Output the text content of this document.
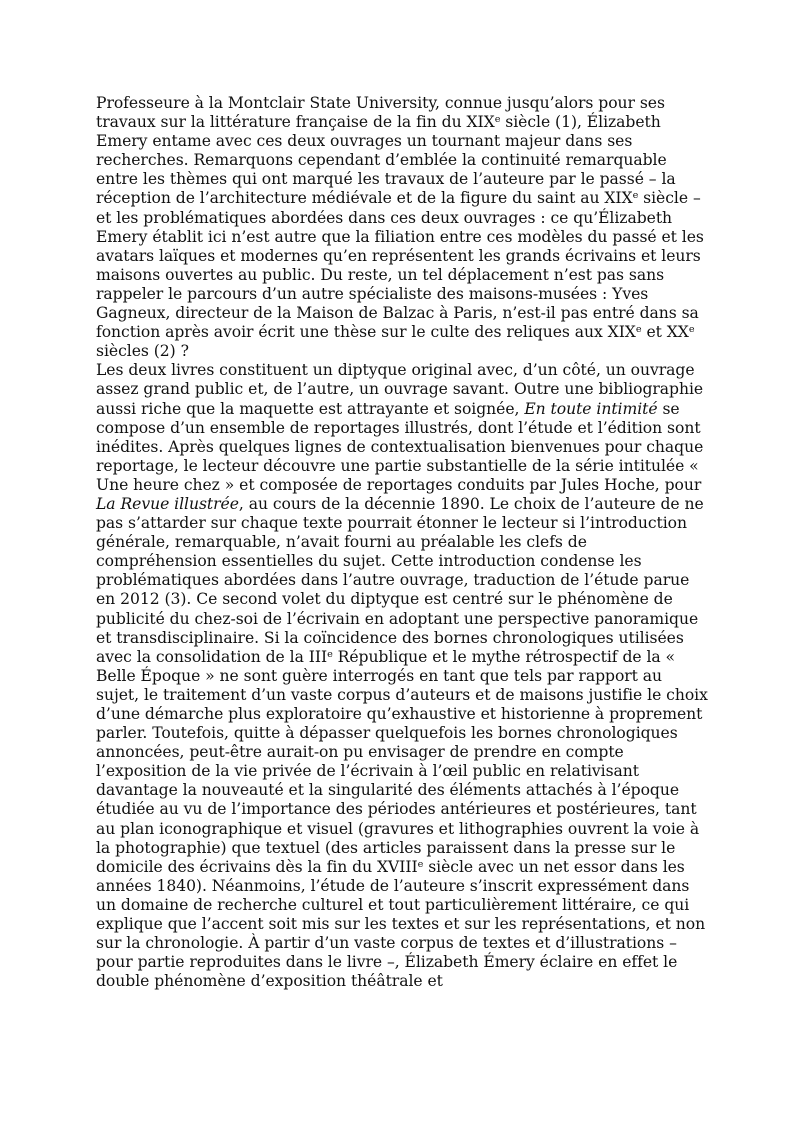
Professeure à la Montclair State University, connue jusqu’alors pour ses travaux sur la littérature française de la fin du XIXe siècle (1), Élizabeth Emery entame avec ces deux ouvrages un tournant majeur dans ses recherches. Remarquons cependant d’emblée la continuité remarquable entre les thèmes qui ont marqué les travaux de l’auteure par le passé – la réception de l’architecture médiévale et de la figure du saint au XIXe siècle – et les problématiques abordées dans ces deux ouvrages : ce qu’Élizabeth Emery établit ici n’est autre que la filiation entre ces modèles du passé et les avatars laïques et modernes qu’en représentent les grands écrivains et leurs maisons ouvertes au public. Du reste, un tel déplacement n’est pas sans rappeler le parcours d’un autre spécialiste des maisons-musées : Yves Gagneux, directeur de la Maison de Balzac à Paris, n’est-il pas entré dans sa fonction après avoir écrit une thèse sur le culte des reliques aux XIXe et XXe siècles (2) ?

Les deux livres constituent un diptyque original avec, d’un côté, un ouvrage assez grand public et, de l’autre, un ouvrage savant. Outre une bibliographie aussi riche que la maquette est attrayante et soignée, En toute intimité se compose d’un ensemble de reportages illustrés, dont l’étude et l’édition sont inédites. Après quelques lignes de contextualisation bienvenues pour chaque reportage, le lecteur découvre une partie substantielle de la série intitulée « Une heure chez » et composée de reportages conduits par Jules Hoche, pour La Revue illustrée, au cours de la décennie 1890. Le choix de l’auteure de ne pas s’attarder sur chaque texte pourrait étonner le lecteur si l’introduction générale, remarquable, n’avait fourni au préalable les clefs de compréhension essentielles du sujet. Cette introduction condense les problématiques abordées dans l’autre ouvrage, traduction de l’étude parue en 2012 (3). Ce second volet du diptyque est centré sur le phénomène de publicité du chez-soi de l’écrivain en adoptant une perspective panoramique et transdisciplinaire. Si la coïncidence des bornes chronologiques utilisées avec la consolidation de la IIIe République et le mythe rétrospectif de la « Belle Époque » ne sont guère interrogés en tant que tels par rapport au sujet, le traitement d’un vaste corpus d’auteurs et de maisons justifie le choix d’une démarche plus exploratoire qu’exhaustive et historienne à proprement parler. Toutefois, quitte à dépasser quelquefois les bornes chronologiques annoncées, peut-être aurait-on pu envisager de prendre en compte l’exposition de la vie privée de l’écrivain à l’œil public en relativisant davantage la nouveauté et la singularité des éléments attachés à l’époque étudiée au vu de l’importance des périodes antérieures et postérieures, tant au plan iconographique et visuel (gravures et lithographies ouvrent la voie à la photographie) que textuel (des articles paraissent dans la presse sur le domicile des écrivains dès la fin du XVIIIe siècle avec un net essor dans les années 1840). Néanmoins, l’étude de l’auteure s’inscrit expressément dans un domaine de recherche culturel et tout particulièrement littéraire, ce qui explique que l’accent soit mis sur les textes et sur les représentations, et non sur la chronologie. À partir d’un vaste corpus de textes et d’illustrations – pour partie reproduites dans le livre –, Élizabeth Émery éclaire en effet le double phénomène d’exposition théâtrale et
